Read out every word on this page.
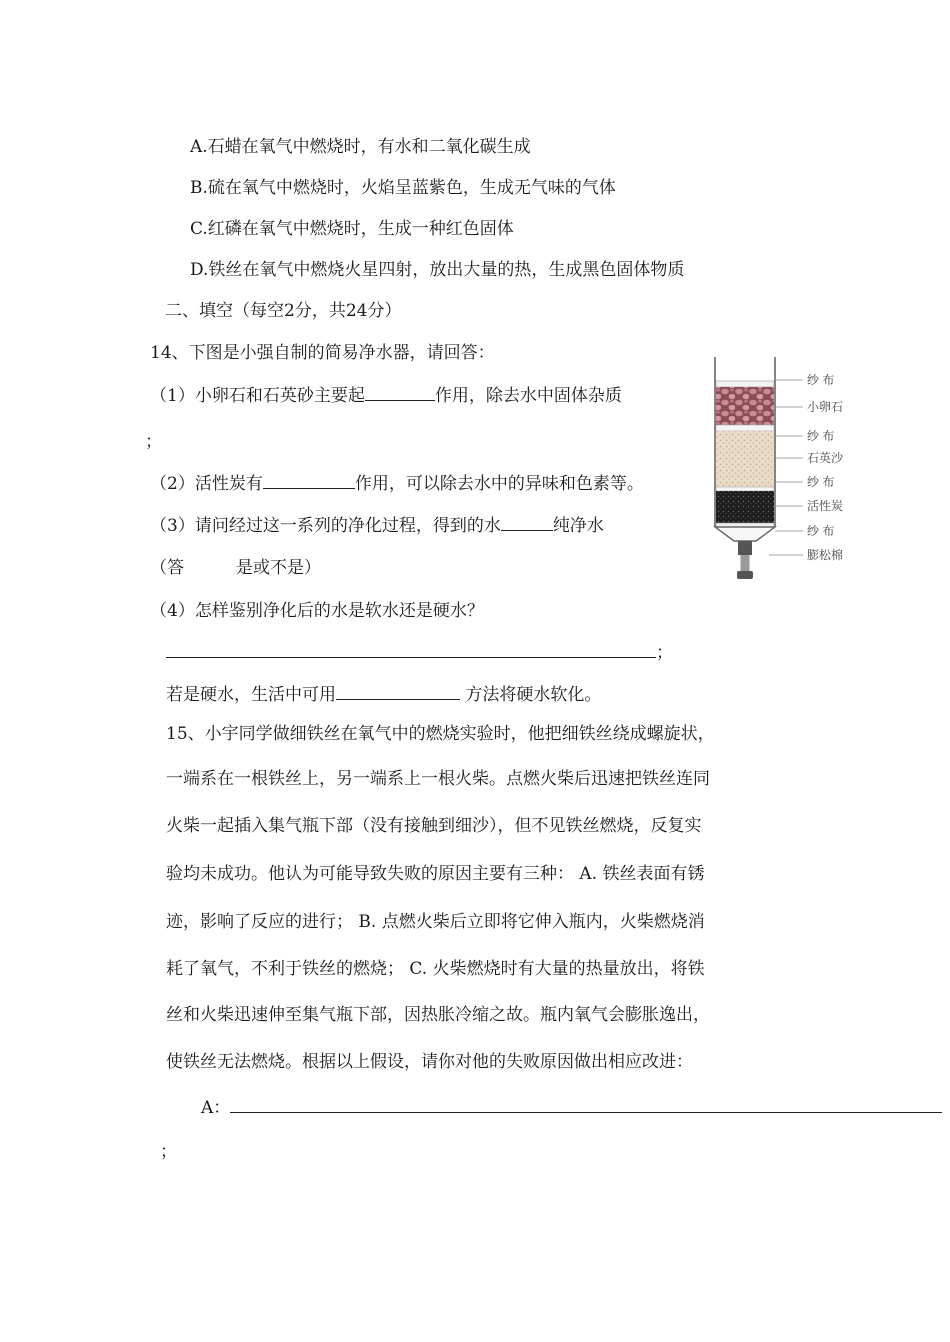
A.石蜡在氧气中燃烧时，有水和二氧化碳生成
B.硫在氧气中燃烧时，火焰呈蓝紫色，生成无气味的气体
C.红磷在氧气中燃烧时，生成一种红色固体
D.铁丝在氧气中燃烧火星四射，放出大量的热，生成黑色固体物质
二、填空（每空2分，共24分）
14、下图是小强自制的简易净水器，请回答：
（1）小卵石和石英砂主要起	作用，除去水中固体杂质
；
（2）活性炭有	作用，可以除去水中的异味和色素等。
（3）请问经过这一系列的净化过程，得到的水	纯净水
（答	是或不是）
（4）怎样鉴别净化后的水是软水还是硬水？
；
若是硬水，生活中可用	方法将硬水软化。
纱 布
小卵石
纱 布
石英沙
纱 布
活性炭
纱 布
膨松棉
15、小宇同学做细铁丝在氧气中的燃烧实验时，他把细铁丝绕成螺旋状，
一端系在一根铁丝上，另一端系上一根火柴。点燃火柴后迅速把铁丝连同
火柴一起插入集气瓶下部（没有接触到细沙），但不见铁丝燃烧，反复实
验均未成功。他认为可能导致失败的原因主要有三种： A. 铁丝表面有锈
迹，影响了反应的进行； B. 点燃火柴后立即将它伸入瓶内，火柴燃烧消
耗了氧气，不利于铁丝的燃烧； C. 火柴燃烧时有大量的热量放出，将铁
丝和火柴迅速伸至集气瓶下部，因热胀冷缩之故。瓶内氧气会膨胀逸出，
使铁丝无法燃烧。根据以上假设，请你对他的失败原因做出相应改进：
A：
；
